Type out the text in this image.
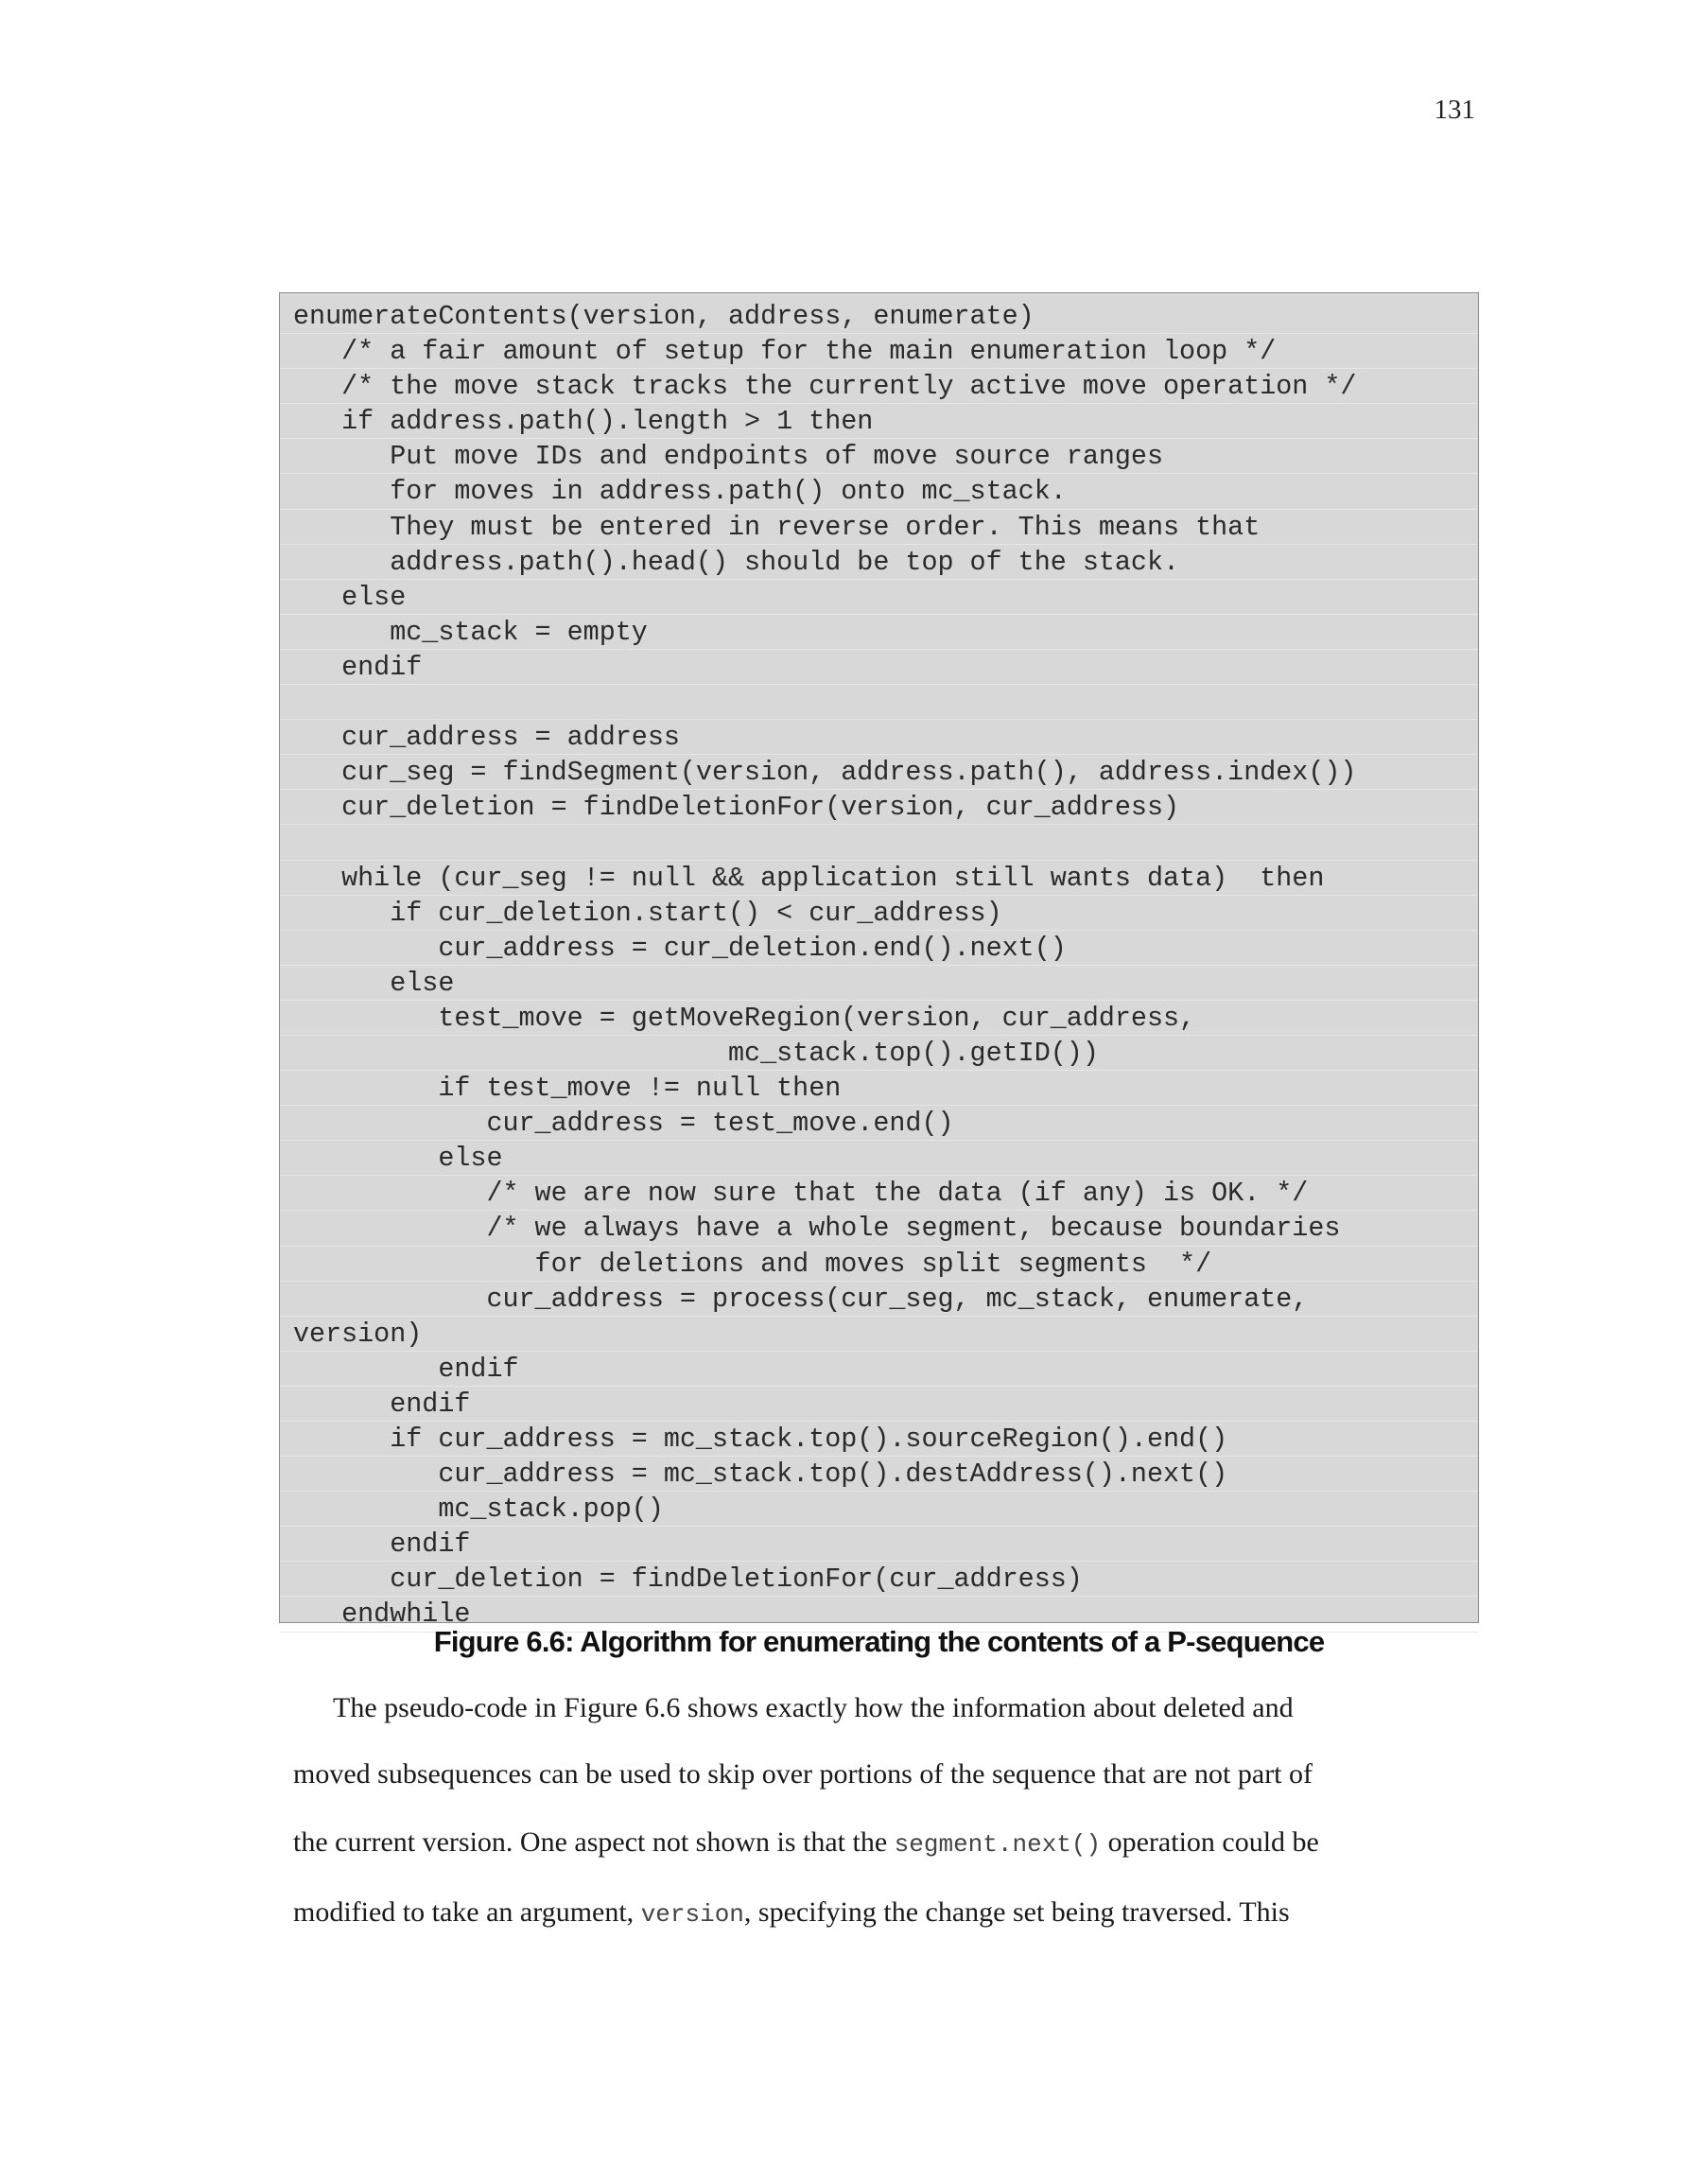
131
enumerateContents(version, address, enumerate)
/* a fair amount of setup for the main enumeration loop */
/* the move stack tracks the currently active move operation */
if address.path().length > 1 then
Put move IDs and endpoints of move source ranges
for moves in address.path() onto mc_stack.
They must be entered in reverse order. This means that
address.path().head() should be top of the stack.
else
mc_stack = empty
endif
cur_address = address
cur_seg = findSegment(version, address.path(), address.index())
cur_deletion = findDeletionFor(version, cur_address)
while (cur_seg != null && application still wants data)  then
if cur_deletion.start() < cur_address)
cur_address = cur_deletion.end().next()
else
test_move = getMoveRegion(version, cur_address,
mc_stack.top().getID())
if test_move != null then
cur_address = test_move.end()
else
/* we are now sure that the data (if any) is OK. */
/* we always have a whole segment, because boundaries
for deletions and moves split segments  */
cur_address = process(cur_seg, mc_stack, enumerate,
version)
endif
endif
if cur_address = mc_stack.top().sourceRegion().end()
cur_address = mc_stack.top().destAddress().next()
mc_stack.pop()
endif
cur_deletion = findDeletionFor(cur_address)
endwhile
Figure 6.6: Algorithm for enumerating the contents of a P-sequence
The pseudo-code in Figure 6.6 shows exactly how the information about deleted and
moved subsequences can be used to skip over portions of the sequence that are not part of
the current version. One aspect not shown is that the segment.next() operation could be
modified to take an argument, version, specifying the change set being traversed. This
